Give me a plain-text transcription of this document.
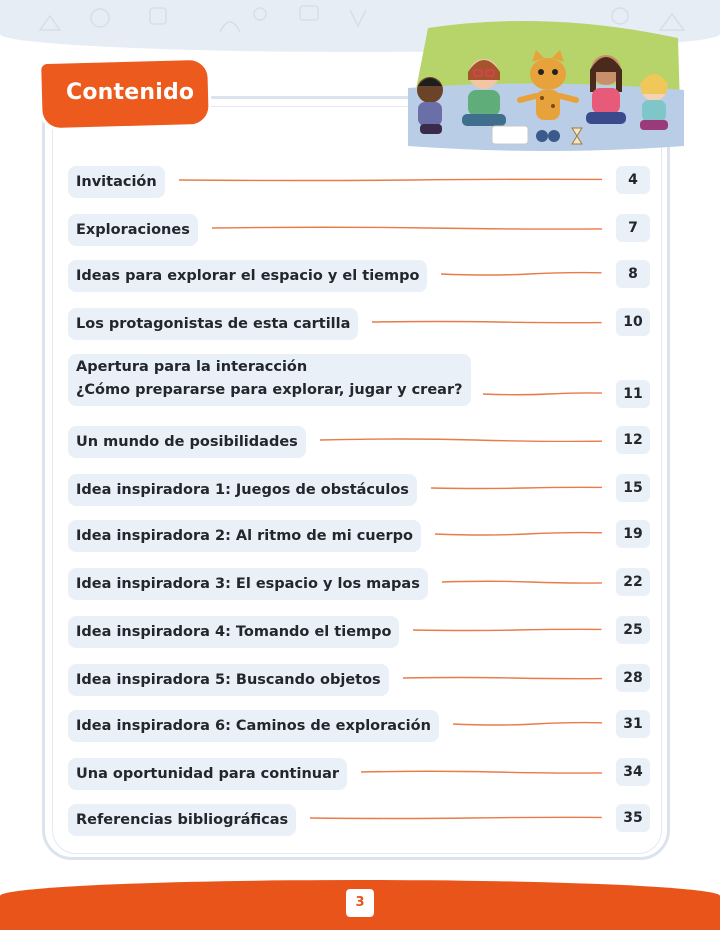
Contenido
Invitación	4
Exploraciones	7
Ideas para explorar el espacio y el tiempo	8
Los protagonistas de esta cartilla	10
Apertura para la interacción
¿Cómo prepararse para explorar, jugar y crear?	11
Un mundo de posibilidades	12
Idea inspiradora 1: Juegos de obstáculos	15
Idea inspiradora 2: Al ritmo de mi cuerpo	19
Idea inspiradora 3: El espacio y los mapas	22
Idea inspiradora 4: Tomando el tiempo	25
Idea inspiradora 5: Buscando objetos	28
Idea inspiradora 6: Caminos de exploración	31
Una oportunidad para continuar	34
Referencias bibliográficas	35
3
